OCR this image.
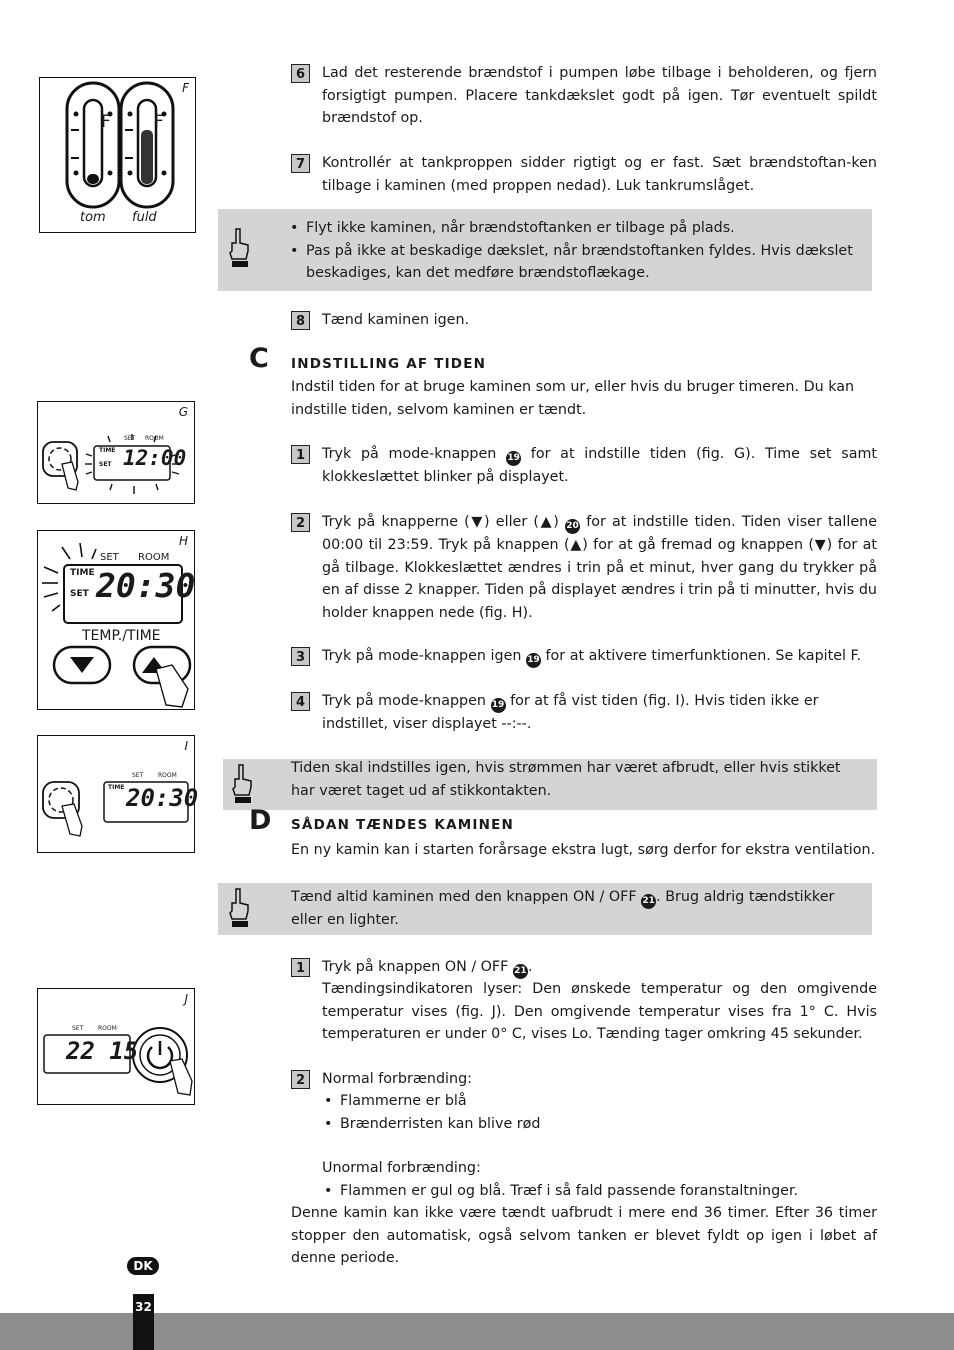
F
F	F
tom fuld
G
SET ROOM
TIME
SET 12:00
H
SET ROOM
TIME
SET 20:30
TEMP./TIME
I
SET ROOM
TIME 20:30
J
SET ROOM
22 15
6	Lad det resterende brændstof i pumpen løbe tilbage i beholderen, og fjern forsigtigt pumpen. Placere tankdækslet godt på igen. Tør eventuelt spildt brændstof op.
7	Kontrollér at tankproppen sidder rigtigt og er fast. Sæt brændstoftan-ken tilbage i kaminen (med proppen nedad). Luk tankrumslåget.
• Flyt ikke kaminen, når brændstoftanken er tilbage på plads.
• Pas på ikke at beskadige dækslet, når brændstoftanken fyldes. Hvis dækslet beskadiges, kan det medføre brændstoflækage.
8	Tænd kaminen igen.
C INDSTILLING AF TIDEN
Indstil tiden for at bruge kaminen som ur, eller hvis du bruger timeren. Du kan indstille tiden, selvom kaminen er tændt.
1	Tryk på mode-knappen 19 for at indstille tiden (fig. G). Time set samt klokkeslættet blinker på displayet.
2	Tryk på knapperne (▼) eller (▲) 20 for at indstille tiden. Tiden viser tallene 00:00 til 23:59. Tryk på knappen (▲) for at gå fremad og knappen (▼) for at gå tilbage. Klokkeslættet ændres i trin på et minut, hver gang du trykker på en af disse 2 knapper. Tiden på displayet ændres i trin på ti minutter, hvis du holder knappen nede (fig. H).
3	Tryk på mode-knappen igen 19 for at aktivere timerfunktionen. Se kapitel F.
4	Tryk på mode-knappen 19 for at få vist tiden (fig. I). Hvis tiden ikke er indstillet, viser displayet --:--.
Tiden skal indstilles igen, hvis strømmen har været afbrudt, eller hvis stikket har været taget ud af stikkontakten.
D SÅDAN TÆNDES KAMINEN
En ny kamin kan i starten forårsage ekstra lugt, sørg derfor for ekstra ventilation.
Tænd altid kaminen med den knappen ON / OFF 21. Brug aldrig tændstikker eller en lighter.
1	Tryk på knappen ON / OFF 21.
Tændingsindikatoren lyser: Den ønskede temperatur og den omgivende temperatur vises (fig. J). Den omgivende temperatur vises fra 1° C. Hvis temperaturen er under 0° C, vises Lo. Tænding tager omkring 45 sekunder.
2	Normal forbrænding:
• Flammerne er blå
• Brænderristen kan blive rød
Unormal forbrænding:
• Flammen er gul og blå. Træf i så fald passende foranstaltninger.
Denne kamin kan ikke være tændt uafbrudt i mere end 36 timer. Efter 36 timer stopper den automatisk, også selvom tanken er blevet fyldt op igen i løbet af denne periode.
DK
32
